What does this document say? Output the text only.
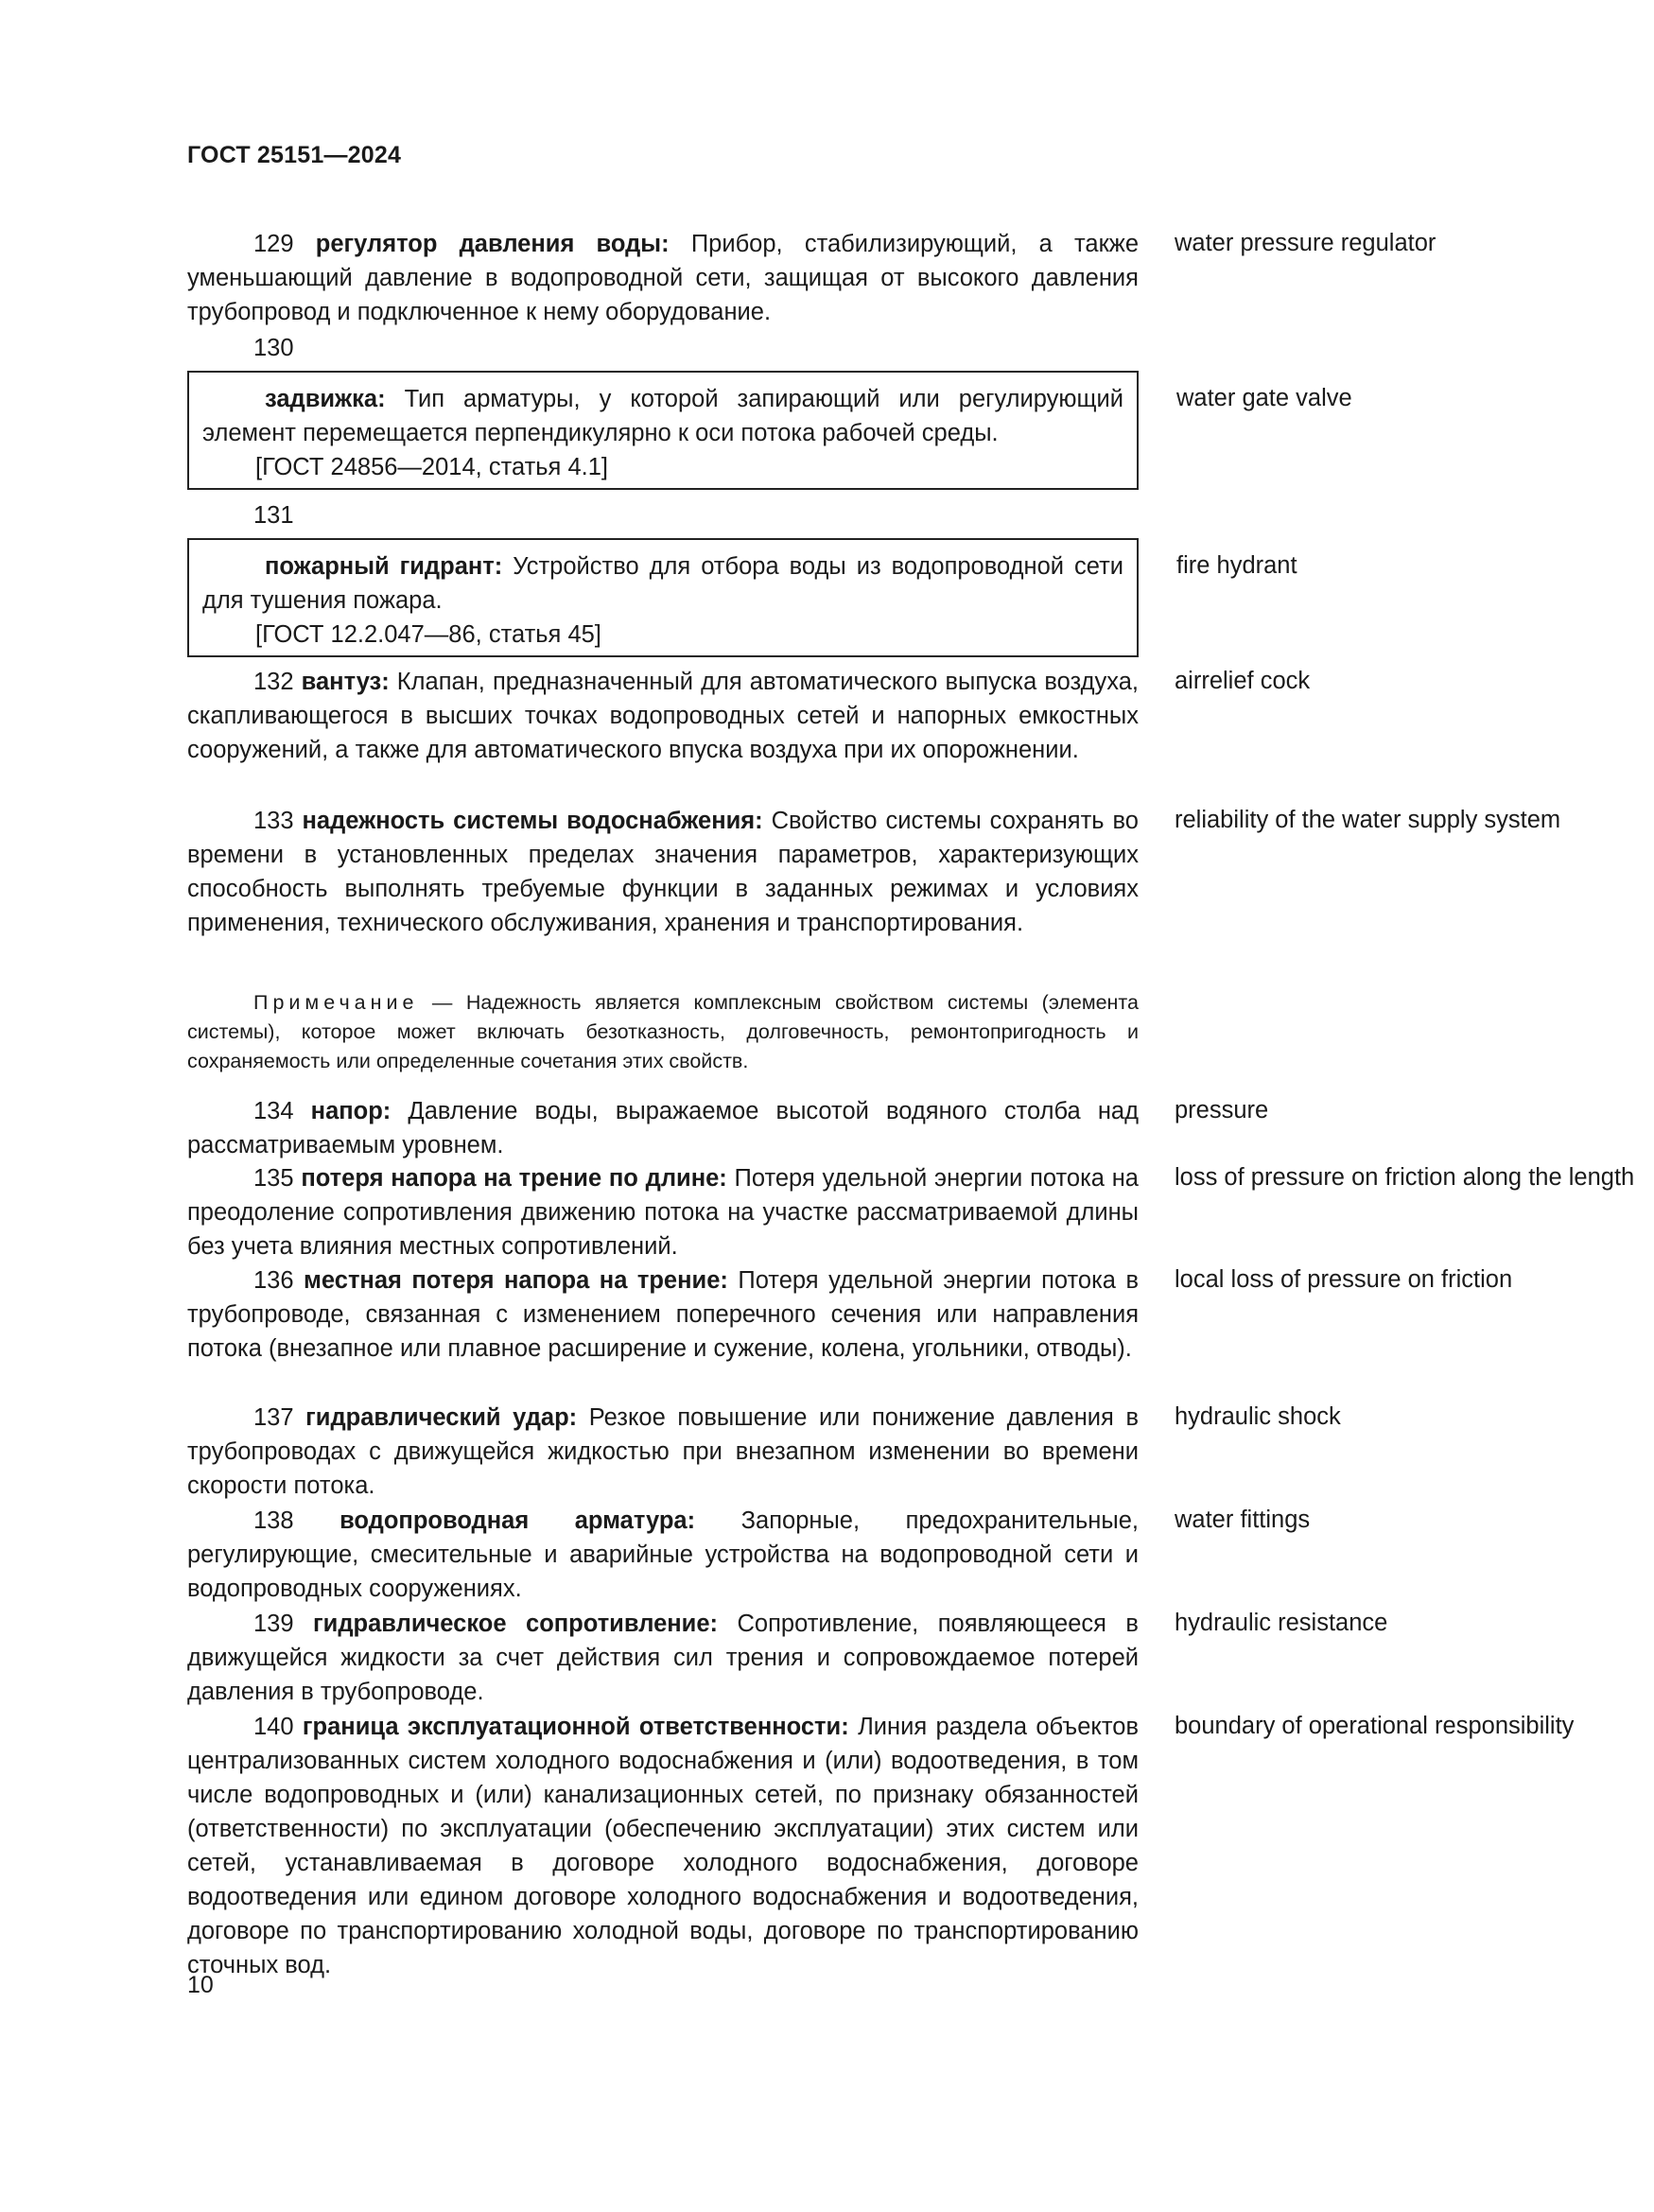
ГОСТ 25151—2024

129 регулятор давления воды: Прибор, стабилизирующий, а также уменьшающий давление в водопроводной сети, защищая от высокого давления трубопровод и подключенное к нему оборудование.

water pressure regulator

130
задвижка: Тип арматуры, у которой запирающий или регулирующий элемент перемещается перпендикулярно к оси потока рабочей среды.
[ГОСТ 24856—2014, статья 4.1]
water gate valve
131
пожарный гидрант: Устройство для отбора воды из водопроводной сети для тушения пожара.
[ГОСТ 12.2.047—86, статья 45]
fire hydrant

132 вантуз: Клапан, предназначенный для автоматического выпуска воздуха, скапливающегося в высших точках водопроводных сетей и напорных емкостных сооружений, а также для автоматического впуска воздуха при их опорожнении.

airrelief cock

133 надежность системы водоснабжения: Свойство системы сохранять во времени в установленных пределах значения параметров, характеризующих способность выполнять требуемые функции в заданных режимах и условиях применения, технического обслуживания, хранения и транспортирования.

reliability of the water supply system

Примечание — Надежность является комплексным свойством системы (элемента системы), которое может включать безотказность, долговечность, ремонтопригодность и сохраняемость или определенные сочетания этих свойств.

134 напор: Давление воды, выражаемое высотой водяного столба над рассматриваемым уровнем.

pressure

135 потеря напора на трение по длине: Потеря удельной энергии потока на преодоление сопротивления движению потока на участке рассматриваемой длины без учета влияния местных сопротивлений.

loss of pressure on friction along the length

136 местная потеря напора на трение: Потеря удельной энергии потока в трубопроводе, связанная с изменением поперечного сечения или направления потока (внезапное или плавное расширение и сужение, колена, угольники, отводы).

local loss of pressure on friction

137 гидравлический удар: Резкое повышение или понижение давления в трубопроводах с движущейся жидкостью при внезапном изменении во времени скорости потока.

hydraulic shock

138 водопроводная арматура: Запорные, предохранительные, регулирующие, смесительные и аварийные устройства на водопроводной сети и водопроводных сооружениях.

water fittings

139 гидравлическое сопротивление: Сопротивление, появляющееся в движущейся жидкости за счет действия сил трения и сопровождаемое потерей давления в трубопроводе.

hydraulic resistance

140 граница эксплуатационной ответственности: Линия раздела объектов централизованных систем холодного водоснабжения и (или) водоотведения, в том числе водопроводных и (или) канализационных сетей, по признаку обязанностей (ответственности) по эксплуатации (обеспечению эксплуатации) этих систем или сетей, устанавливаемая в договоре холодного водоснабжения, договоре водоотведения или едином договоре холодного водоснабжения и водоотведения, договоре по транспортированию холодной воды, договоре по транспортированию сточных вод.

boundary of operational responsibility

10
